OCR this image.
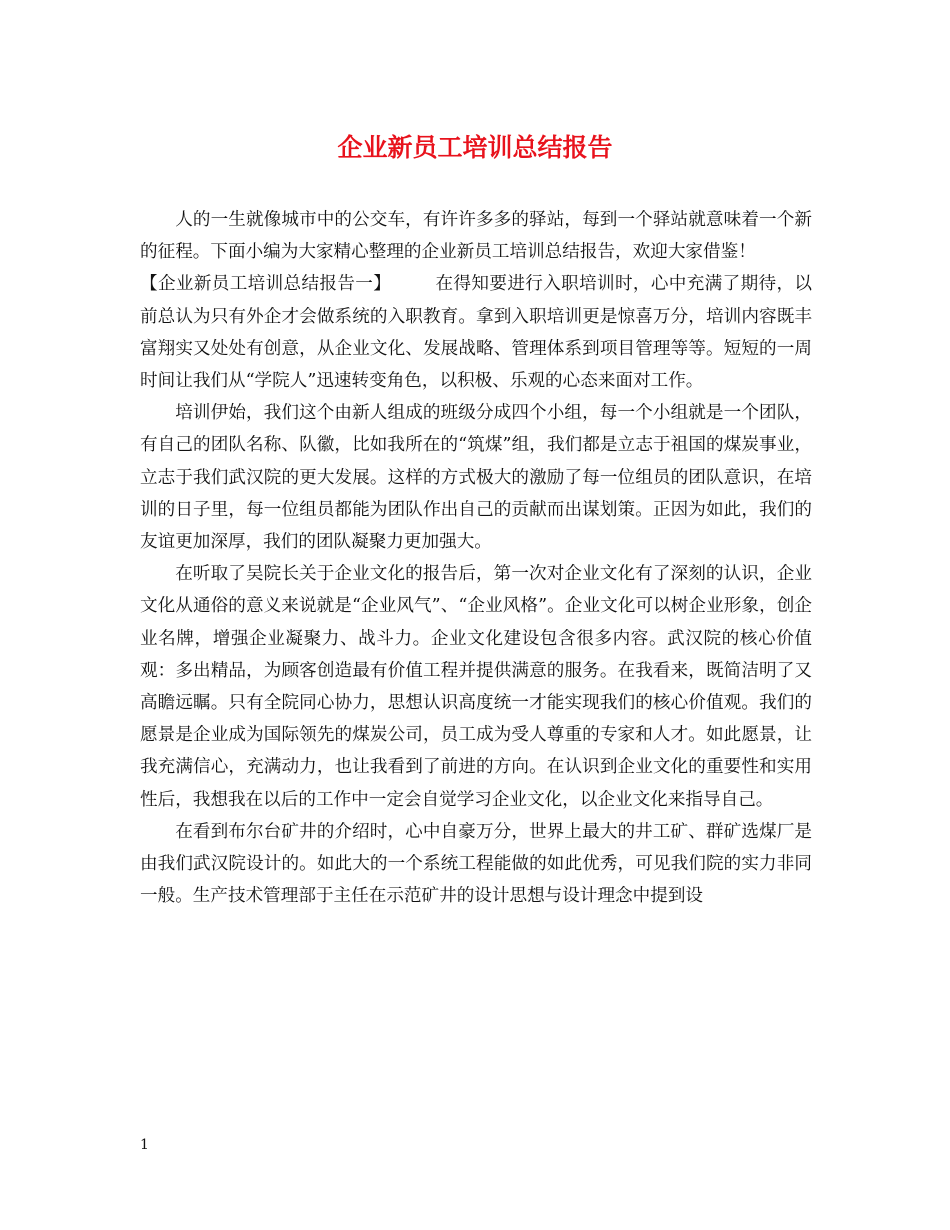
企业新员工培训总结报告

人的一生就像城市中的公交车，有许许多多的驿站，每到一个驿站就意味着一个新的征程。下面小编为大家精心整理的企业新员工培训总结报告，欢迎大家借鉴！

【企业新员工培训总结报告一】	在得知要进行入职培训时，心中充满了期待，以前总认为只有外企才会做系统的入职教育。拿到入职培训更是惊喜万分，培训内容既丰富翔实又处处有创意，从企业文化、发展战略、管理体系到项目管理等等。短短的一周时间让我们从“学院人”迅速转变角色，以积极、乐观的心态来面对工作。

培训伊始，我们这个由新人组成的班级分成四个小组，每一个小组就是一个团队，有自己的团队名称、队徽，比如我所在的“筑煤”组，我们都是立志于祖国的煤炭事业，立志于我们武汉院的更大发展。这样的方式极大的激励了每一位组员的团队意识，在培训的日子里，每一位组员都能为团队作出自己的贡献而出谋划策。正因为如此，我们的友谊更加深厚，我们的团队凝聚力更加强大。

在听取了吴院长关于企业文化的报告后，第一次对企业文化有了深刻的认识，企业文化从通俗的意义来说就是“企业风气”、“企业风格”。企业文化可以树企业形象，创企业名牌，增强企业凝聚力、战斗力。企业文化建设包含很多内容。武汉院的核心价值观：多出精品，为顾客创造最有价值工程并提供满意的服务。在我看来，既简洁明了又高瞻远瞩。只有全院同心协力，思想认识高度统一才能实现我们的核心价值观。我们的愿景是企业成为国际领先的煤炭公司，员工成为受人尊重的专家和人才。如此愿景，让我充满信心，充满动力，也让我看到了前进的方向。在认识到企业文化的重要性和实用性后，我想我在以后的工作中一定会自觉学习企业文化，以企业文化来指导自己。

在看到布尔台矿井的介绍时，心中自豪万分，世界上最大的井工矿、群矿选煤厂是由我们武汉院设计的。如此大的一个系统工程能做的如此优秀，可见我们院的实力非同一般。生产技术管理部于主任在示范矿井的设计思想与设计理念中提到设

1
